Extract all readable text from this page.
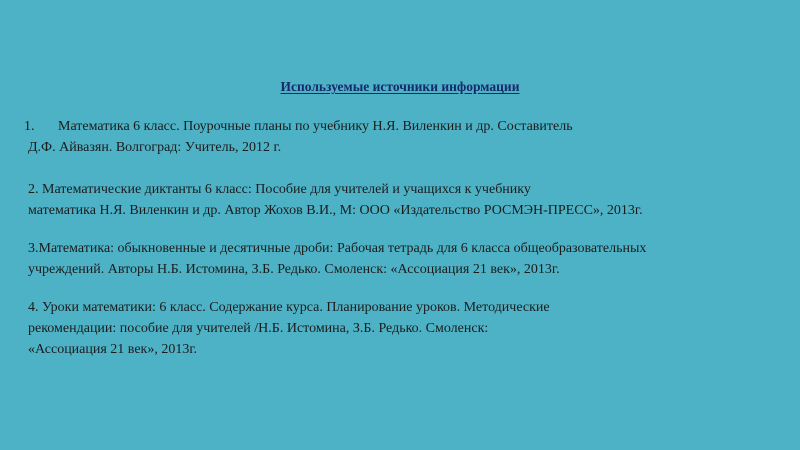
Используемые источники информации

1. Математика 6 класс. Поурочные планы по учебнику Н.Я. Виленкин и др. Составитель
Д.Ф. Айвазян. Волгоград: Учитель, 2012 г.

2. Математические диктанты 6 класс: Пособие для учителей и учащихся к учебнику
математика Н.Я. Виленкин и др. Автор Жохов В.И., М: ООО «Издательство РОСМЭН-ПРЕСС», 2013г.

3.Математика: обыкновенные и десятичные дроби: Рабочая тетрадь для 6 класса общеобразовательных
учреждений. Авторы Н.Б. Истомина, З.Б. Редько. Смоленск: «Ассоциация 21 век», 2013г.

4. Уроки математики: 6 класс. Содержание курса. Планирование уроков. Методические
рекомендации: пособие для учителей /Н.Б. Истомина, З.Б. Редько. Смоленск:
«Ассоциация 21 век», 2013г.
